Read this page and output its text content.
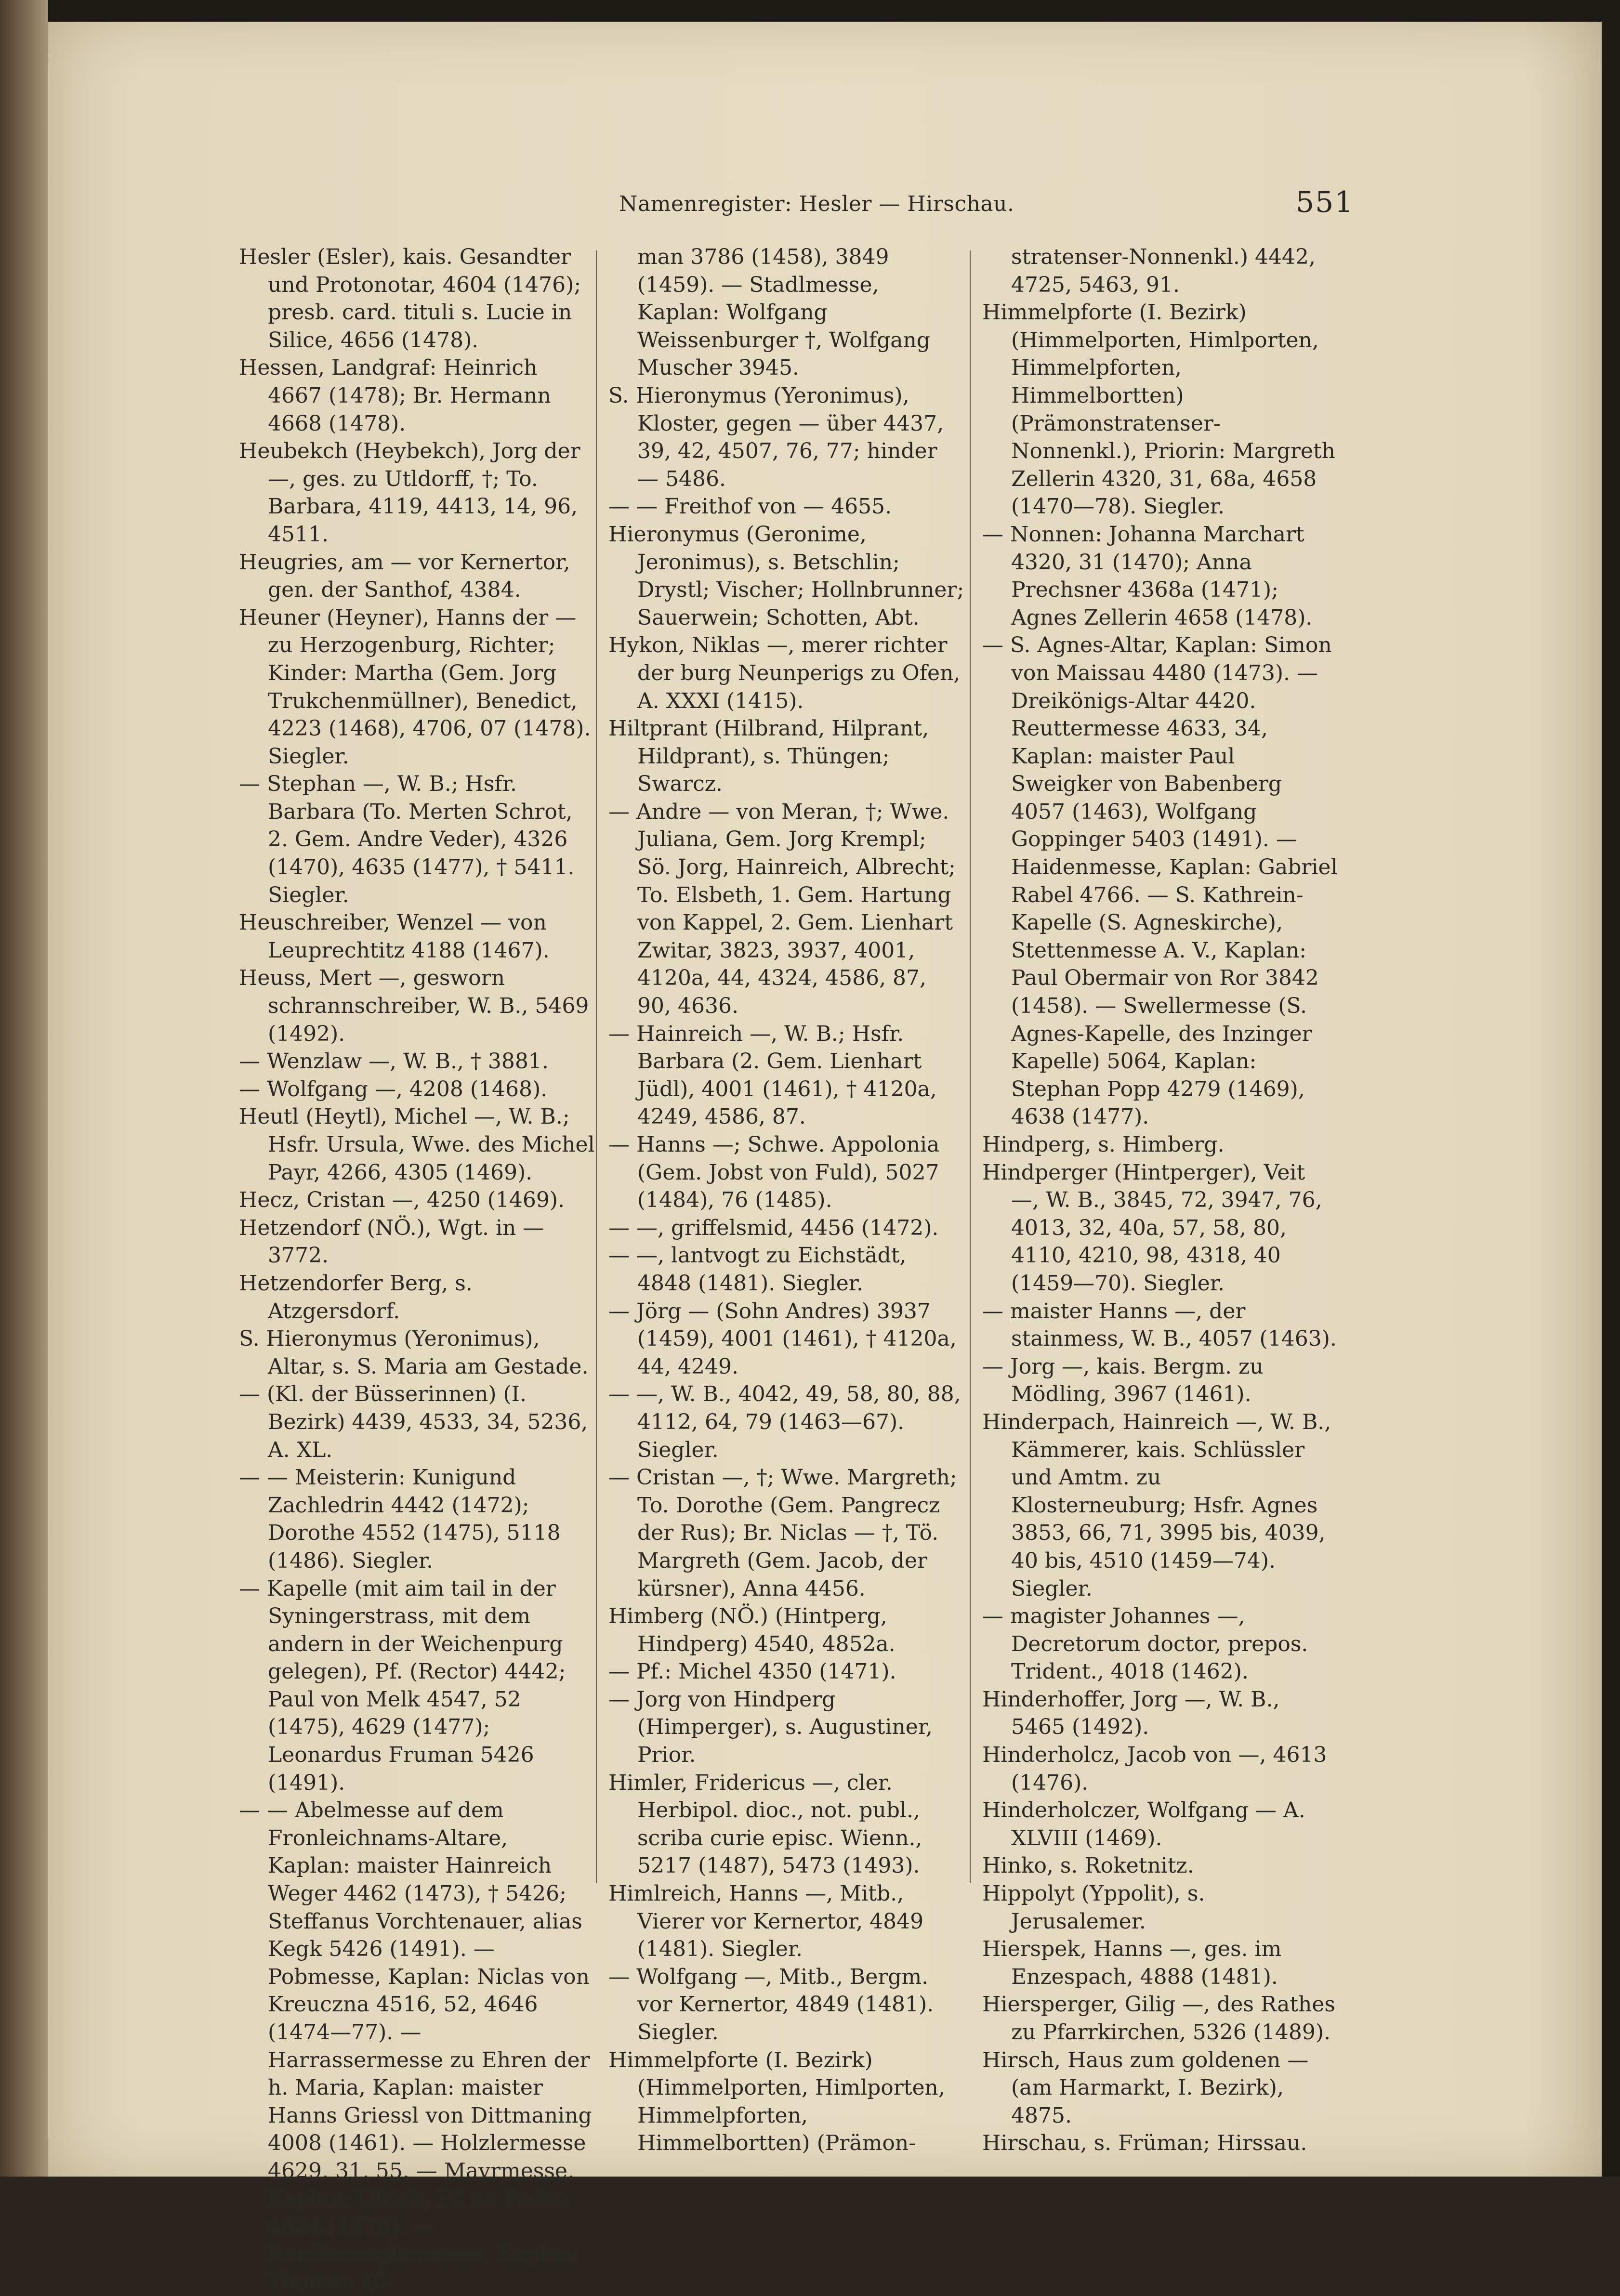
Namenregister: Hesler — Hirschau.	551

Hesler (Esler), kais. Gesandter und Protonotar, 4604 (1476); presb. card. tituli s. Lucie in Silice, 4656 (1478).

Hessen, Landgraf: Heinrich 4667 (1478); Br. Hermann 4668 (1478).

Heubekch (Heybekch), Jorg der —, ges. zu Utldorff, †; To. Barbara, 4119, 4413, 14, 96, 4511.

Heugries, am — vor Kernertor, gen. der Santhof, 4384.

Heuner (Heyner), Hanns der — zu Herzogenburg, Richter; Kinder: Martha (Gem. Jorg Trukchenmüllner), Benedict, 4223 (1468), 4706, 07 (1478). Siegler.

— Stephan —, W. B.; Hsfr. Barbara (To. Merten Schrot, 2. Gem. Andre Veder), 4326 (1470), 4635 (1477), † 5411. Siegler.

Heuschreiber, Wenzel — von Leuprechtitz 4188 (1467).

Heuss, Mert —, gesworn schrannschreiber, W. B., 5469 (1492).

— Wenzlaw —, W. B., † 3881.

— Wolfgang —, 4208 (1468).

Heutl (Heytl), Michel —, W. B.; Hsfr. Ursula, Wwe. des Michel Payr, 4266, 4305 (1469).

Hecz, Cristan —, 4250 (1469).

Hetzendorf (NÖ.), Wgt. in — 3772.

Hetzendorfer Berg, s. Atzgersdorf.

S. Hieronymus (Yeronimus), Altar, s. S. Maria am Gestade.

— (Kl. der Büsserinnen) (I. Bezirk) 4439, 4533, 34, 5236, A. XL.

— — Meisterin: Kunigund Zachledrin 4442 (1472); Dorothe 4552 (1475), 5118 (1486). Siegler.

— Kapelle (mit aim tail in der Syningerstrass, mit dem andern in der Weichenpurg gelegen), Pf. (Rector) 4442; Paul von Melk 4547, 52 (1475), 4629 (1477); Leonardus Fruman 5426 (1491).

— — Abelmesse auf dem Fronleichnams-Altare, Kaplan: maister Hainreich Weger 4462 (1473), † 5426; Steffanus Vorchtenauer, alias Kegk 5426 (1491). — Pobmesse, Kaplan: Niclas von Kreuczna 4516, 52, 4646 (1474—77). — Harrassermesse zu Ehren der h. Maria, Kaplan: maister Hanns Griessl von Dittmaning 4008 (1461). — Holzlermesse 4629, 31, 55. — Mayrmesse, Kaplan: Ulrich, Pf. zu Paden 4624 (1476). — Rauffenvoglinmesse, Kaplan: Thoman Ul-

man 3786 (1458), 3849 (1459). — Stadlmesse, Kaplan: Wolfgang Weissenburger †, Wolfgang Muscher 3945.

S. Hieronymus (Yeronimus), Kloster, gegen — über 4437, 39, 42, 4507, 76, 77; hinder — 5486.

— — Freithof von — 4655.

Hieronymus (Geronime, Jeronimus), s. Betschlin; Drystl; Vischer; Hollnbrunner; Sauerwein; Schotten, Abt.

Hykon, Niklas —, merer richter der burg Neunperigs zu Ofen, A. XXXI (1415).

Hiltprant (Hilbrand, Hilprant, Hildprant), s. Thüngen; Swarcz.

— Andre — von Meran, †; Wwe. Juliana, Gem. Jorg Krempl; Sö. Jorg, Hainreich, Albrecht; To. Elsbeth, 1. Gem. Hartung von Kappel, 2. Gem. Lienhart Zwitar, 3823, 3937, 4001, 4120a, 44, 4324, 4586, 87, 90, 4636.

— Hainreich —, W. B.; Hsfr. Barbara (2. Gem. Lienhart Jüdl), 4001 (1461), † 4120a, 4249, 4586, 87.

— Hanns —; Schwe. Appolonia (Gem. Jobst von Fuld), 5027 (1484), 76 (1485).

— —, griffelsmid, 4456 (1472).

— —, lantvogt zu Eichstädt, 4848 (1481). Siegler.

— Jörg — (Sohn Andres) 3937 (1459), 4001 (1461), † 4120a, 44, 4249.

— —, W. B., 4042, 49, 58, 80, 88, 4112, 64, 79 (1463—67). Siegler.

— Cristan —, †; Wwe. Margreth; To. Dorothe (Gem. Pangrecz der Rus); Br. Niclas — †, Tö. Margreth (Gem. Jacob, der kürsner), Anna 4456.

Himberg (NÖ.) (Hintperg, Hindperg) 4540, 4852a.

— Pf.: Michel 4350 (1471).

— Jorg von Hindperg (Himperger), s. Augustiner, Prior.

Himler, Fridericus —, cler. Herbipol. dioc., not. publ., scriba curie episc. Wienn., 5217 (1487), 5473 (1493).

Himlreich, Hanns —, Mitb., Vierer vor Kernertor, 4849 (1481). Siegler.

— Wolfgang —, Mitb., Bergm. vor Kernertor, 4849 (1481). Siegler.

Himmelpforte (I. Bezirk) (Himmelporten, Himlporten, Himmelpforten, Himmelbortten) (Prämon-

stratenser-Nonnenkl.) 4442, 4725, 5463, 91.

Himmelpforte (I. Bezirk) (Himmelporten, Himlporten, Himmelpforten, Himmelbortten) (Prämonstratenser-Nonnenkl.), Priorin: Margreth Zellerin 4320, 31, 68a, 4658 (1470—78). Siegler.

— Nonnen: Johanna Marchart 4320, 31 (1470); Anna Prechsner 4368a (1471); Agnes Zellerin 4658 (1478).

— S. Agnes-Altar, Kaplan: Simon von Maissau 4480 (1473). — Dreikönigs-Altar 4420. Reuttermesse 4633, 34, Kaplan: maister Paul Sweigker von Babenberg 4057 (1463), Wolfgang Goppinger 5403 (1491). — Haidenmesse, Kaplan: Gabriel Rabel 4766. — S. Kathrein-Kapelle (S. Agneskirche), Stettenmesse A. V., Kaplan: Paul Obermair von Ror 3842 (1458). — Swellermesse (S. Agnes-Kapelle, des Inzinger Kapelle) 5064, Kaplan: Stephan Popp 4279 (1469), 4638 (1477).

Hindperg, s. Himberg.

Hindperger (Hintperger), Veit —, W. B., 3845, 72, 3947, 76, 4013, 32, 40a, 57, 58, 80, 4110, 4210, 98, 4318, 40 (1459—70). Siegler.

— maister Hanns —, der stainmess, W. B., 4057 (1463).

— Jorg —, kais. Bergm. zu Mödling, 3967 (1461).

Hinderpach, Hainreich —, W. B., Kämmerer, kais. Schlüssler und Amtm. zu Klosterneuburg; Hsfr. Agnes 3853, 66, 71, 3995 bis, 4039, 40 bis, 4510 (1459—74). Siegler.

— magister Johannes —, Decretorum doctor, prepos. Trident., 4018 (1462).

Hinderhoffer, Jorg —, W. B., 5465 (1492).

Hinderholcz, Jacob von —, 4613 (1476).

Hinderholczer, Wolfgang — A. XLVIII (1469).

Hinko, s. Roketnitz.

Hippolyt (Yppolit), s. Jerusalemer.

Hierspek, Hanns —, ges. im Enzespach, 4888 (1481).

Hiersperger, Gilig —, des Rathes zu Pfarrkirchen, 5326 (1489).

Hirsch, Haus zum goldenen — (am Harmarkt, I. Bezirk), 4875.

Hirschau, s. Früman; Hirssau.
